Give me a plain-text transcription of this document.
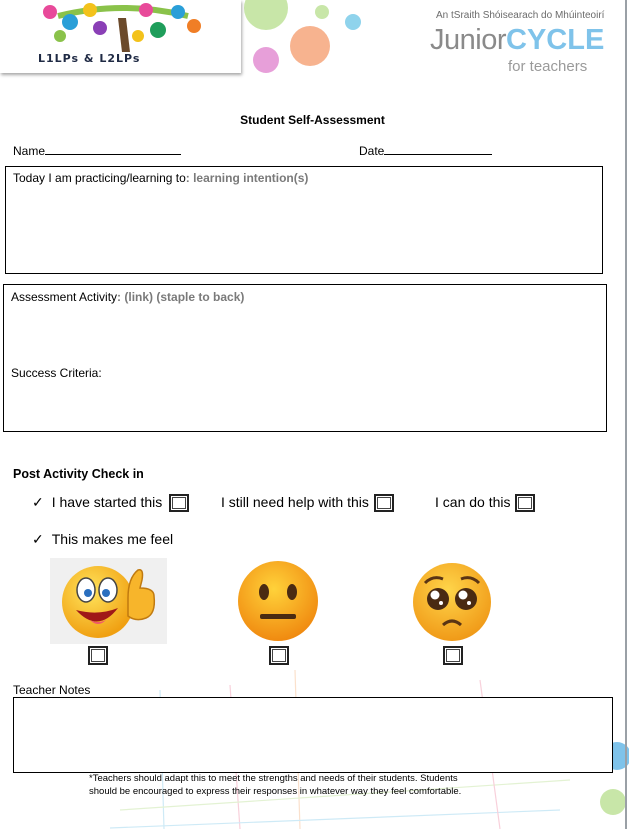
L1LPs & L2LPs
An tSraith Shóisearach do Mhúinteoirí
JuniorCYCLE
for teachers
Student Self-Assessment
Name	Date
Today I am practicing/learning to: learning intention(s)
Assessment Activity: (link) (staple to back)
Success Criteria:
Post Activity Check in
✓ I have started this	I still need help with this	I can do this
✓ This makes me feel
Teacher Notes
*Teachers should adapt this to meet the strengths and needs of their students. Students
should be encouraged to express their responses in whatever way they feel comfortable.
